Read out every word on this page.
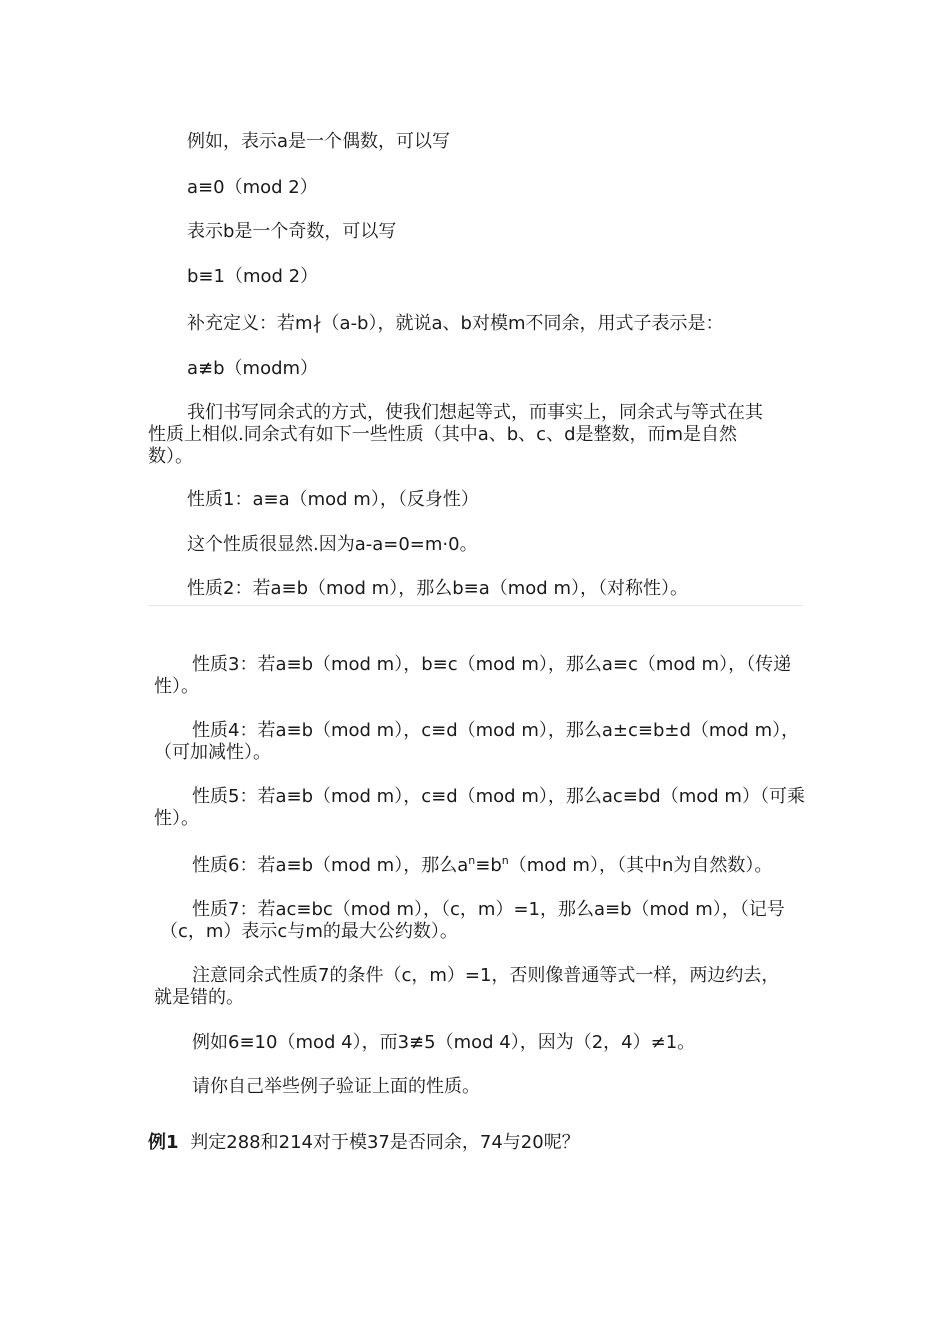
例如，表示a是一个偶数，可以写

a≡0（mod 2）

表示b是一个奇数，可以写

b≡1（mod 2）

补充定义：若m∤（a-b），就说a、b对模m不同余，用式子表示是：

a≢b（modm）

我们书写同余式的方式，使我们想起等式，而事实上，同余式与等式在其

性质上相似.同余式有如下一些性质（其中a、b、c、d是整数，而m是自然

数）。

性质1：a≡a（mod m），（反身性）

这个性质很显然.因为a-a=0=m·0。

性质2：若a≡b（mod m），那么b≡a（mod m），（对称性）。

性质3：若a≡b（mod m），b≡c（mod m），那么a≡c（mod m），（传递

性）。

性质4：若a≡b（mod m），c≡d（mod m），那么a±c≡b±d（mod m），

（可加减性）。

性质5：若a≡b（mod m），c≡d（mod m），那么ac≡bd（mod m）（可乘

性）。

性质6：若a≡b（mod m），那么$a^n\equiv b^n(mod$ m），（其中n为自然数）。

性质7：若ac≡bc（mod m），（c，m）=1，那么a≡b（mod m），（记号

（c，m）表示c与m的最大公约数）。

注意同余式性质7的条件（c，m）=1，否则像普通等式一样，两边约去，

就是错的。

例如6≡10（mod 4），而3≢5（mod 4），因为（2，4）≠1。

请你自己举些例子验证上面的性质。

例1 判定288和214对于模37是否同余，74与20呢？
